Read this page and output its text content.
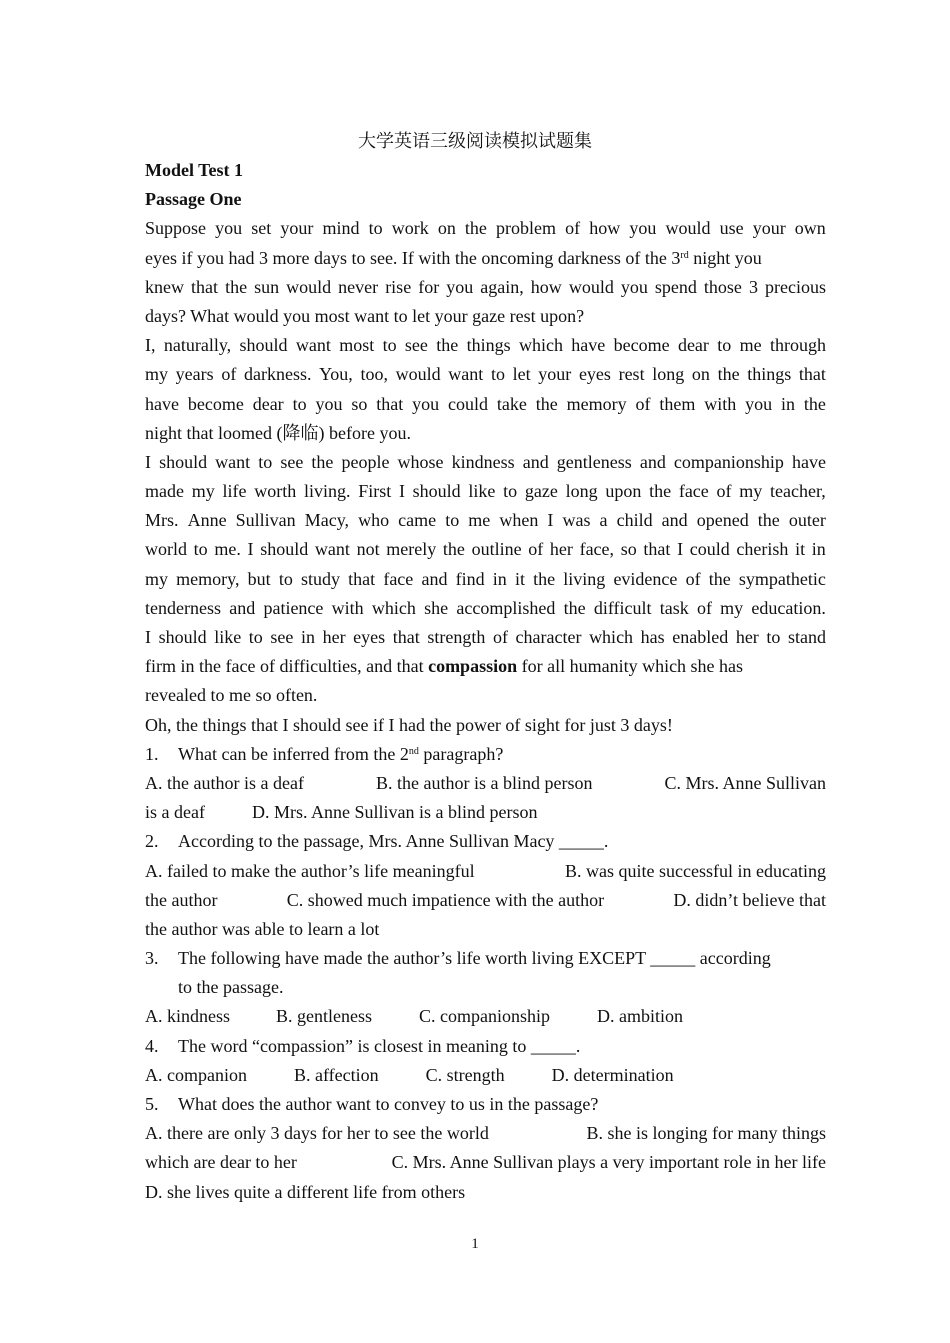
大学英语三级阅读模拟试题集
Model Test 1
Passage One
Suppose you set your mind to work on the problem of how you would use your own
eyes if you had 3 more days to see. If with the oncoming darkness of the 3rd night you
knew that the sun would never rise for you again, how would you spend those 3 precious
days? What would you most want to let your gaze rest upon?
I, naturally, should want most to see the things which have become dear to me through
my years of darkness. You, too, would want to let your eyes rest long on the things that
have become dear to you so that you could take the memory of them with you in the
night that loomed (降临) before you.
I should want to see the people whose kindness and gentleness and companionship have
made my life worth living. First I should like to gaze long upon the face of my teacher,
Mrs. Anne Sullivan Macy, who came to me when I was a child and opened the outer
world to me. I should want not merely the outline of her face, so that I could cherish it in
my memory, but to study that face and find in it the living evidence of the sympathetic
tenderness and patience with which she accomplished the difficult task of my education.
I should like to see in her eyes that strength of character which has enabled her to stand
firm in the face of difficulties, and that compassion for all humanity which she has
revealed to me so often.
Oh, the things that I should see if I had the power of sight for just 3 days!
1.	What can be inferred from the 2nd paragraph?
A. the author is a deaf	B. the author is a blind person	C. Mrs. Anne Sullivan
is a deaf	D. Mrs. Anne Sullivan is a blind person
2.	According to the passage, Mrs. Anne Sullivan Macy _____.
A. failed to make the author’s life meaningful	B. was quite successful in educating
the author	C. showed much impatience with the author	D. didn’t believe that
the author was able to learn a lot
3.	The following have made the author’s life worth living EXCEPT _____ according
to the passage.
A. kindness	B. gentleness	C. companionship	D. ambition
4.	The word “compassion” is closest in meaning to _____.
A. companion	B. affection	C. strength	D. determination
5.	What does the author want to convey to us in the passage?
A. there are only 3 days for her to see the world	B. she is longing for many things
which are dear to her	C. Mrs. Anne Sullivan plays a very important role in her life
D. she lives quite a different life from others
1
